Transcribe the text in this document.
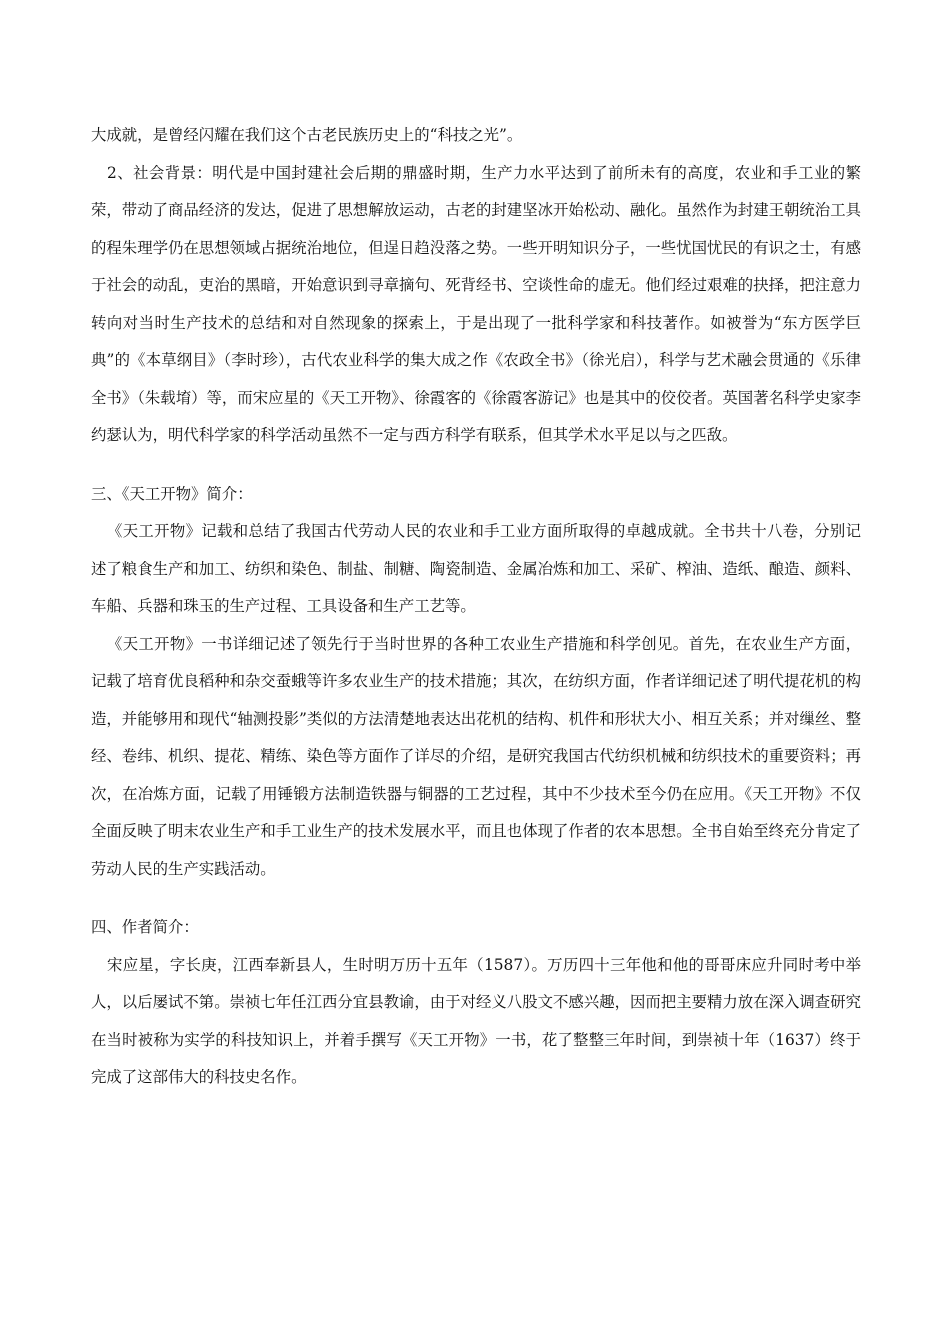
大成就，是曾经闪耀在我们这个古老民族历史上的“科技之光”。

2、社会背景：明代是中国封建社会后期的鼎盛时期，生产力水平达到了前所未有的高度，农业和手工业的繁荣，带动了商品经济的发达，促进了思想解放运动，古老的封建坚冰开始松动、融化。虽然作为封建王朝统治工具的程朱理学仍在思想领域占据统治地位，但逞日趋没落之势。一些开明知识分子，一些忧国忧民的有识之士，有感于社会的动乱，吏治的黑暗，开始意识到寻章摘句、死背经书、空谈性命的虚无。他们经过艰难的抉择，把注意力转向对当时生产技术的总结和对自然现象的探索上，于是出现了一批科学家和科技著作。如被誉为“东方医学巨典”的《本草纲目》（李时珍），古代农业科学的集大成之作《农政全书》（徐光启），科学与艺术融会贯通的《乐律全书》（朱载堉）等，而宋应星的《天工开物》、徐霞客的《徐霞客游记》也是其中的佼佼者。英国著名科学史家李约瑟认为，明代科学家的科学活动虽然不一定与西方科学有联系，但其学术水平足以与之匹敌。

三、《天工开物》简介：

《天工开物》记载和总结了我国古代劳动人民的农业和手工业方面所取得的卓越成就。全书共十八卷，分别记述了粮食生产和加工、纺织和染色、制盐、制糖、陶瓷制造、金属冶炼和加工、采矿、榨油、造纸、酿造、颜料、车船、兵器和珠玉的生产过程、工具设备和生产工艺等。

《天工开物》一书详细记述了领先行于当时世界的各种工农业生产措施和科学创见。首先，在农业生产方面，记载了培育优良稻种和杂交蚕蛾等许多农业生产的技术措施；其次，在纺织方面，作者详细记述了明代提花机的构造，并能够用和现代“轴测投影”类似的方法清楚地表达出花机的结构、机件和形状大小、相互关系；并对缫丝、整经、卷纬、机织、提花、精练、染色等方面作了详尽的介绍，是研究我国古代纺织机械和纺织技术的重要资料；再次，在冶炼方面，记载了用锤锻方法制造铁器与铜器的工艺过程，其中不少技术至今仍在应用。《天工开物》不仅全面反映了明末农业生产和手工业生产的技术发展水平，而且也体现了作者的农本思想。全书自始至终充分肯定了劳动人民的生产实践活动。

四、作者简介：

宋应星，字长庚，江西奉新县人，生时明万历十五年（1587）。万历四十三年他和他的哥哥床应升同时考中举人，以后屡试不第。崇祯七年任江西分宜县教谕，由于对经义八股文不感兴趣，因而把主要精力放在深入调查研究在当时被称为实学的科技知识上，并着手撰写《天工开物》一书，花了整整三年时间，到崇祯十年（1637）终于完成了这部伟大的科技史名作。
